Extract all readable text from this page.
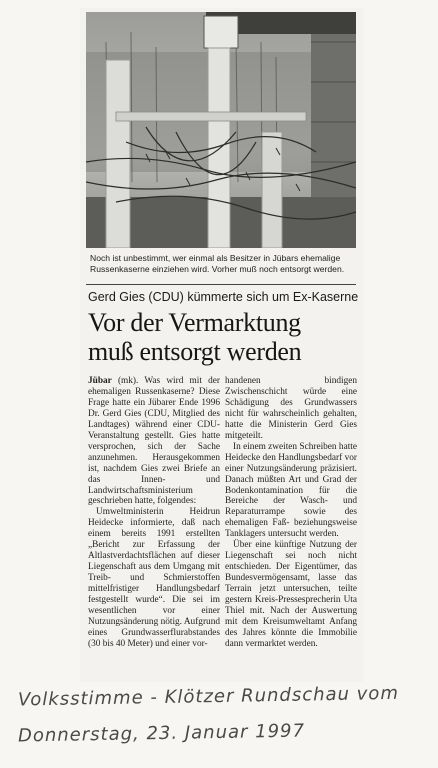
Noch ist unbestimmt, wer einmal als Besitzer in Jübars ehemalige Russenkaserne einziehen wird. Vorher muß noch entsorgt werden.
Gerd Gies (CDU) kümmerte sich um Ex-Kaserne
Vor der Vermarktung
muß entsorgt werden

Jübar (mk). Was wird mit der ehemaligen Russenkaserne? Diese Frage hatte ein Jübarer Ende 1996 Dr. Gerd Gies (CDU, Mitglied des Landtages) während einer CDU-Veranstaltung gestellt. Gies hatte versprochen, sich der Sache anzunehmen. Herausgekommen ist, nachdem Gies zwei Briefe an das Innen- und Landwirtschaftsministerium geschrieben hatte, folgendes:

Umweltministerin Heidrun Heidecke informierte, daß nach einem bereits 1991 erstellten „Bericht zur Erfassung der Altlastverdachtsflächen auf dieser Liegenschaft aus dem Umgang mit Treib- und Schmierstoffen mittelfristiger Handlungsbedarf festgestellt wurde“. Die sei im wesentlichen vor einer Nutzungsänderung nötig. Aufgrund eines Grundwasserflurabstandes (30 bis 40 Meter) und einer vor-

handenen bindigen Zwischenschicht würde eine Schädigung des Grundwassers nicht für wahrscheinlich gehalten, hatte die Ministerin Gerd Gies mitgeteilt.

In einem zweiten Schreiben hatte Heidecke den Handlungsbedarf vor einer Nutzungsänderung präzisiert. Danach müßten Art und Grad der Bodenkontamination für die Bereiche der Wasch- und Reparaturrampe sowie des ehemaligen Faß- beziehungsweise Tanklagers untersucht werden.

Über eine künftige Nutzung der Liegenschaft sei noch nicht entschieden. Der Eigentümer, das Bundesvermögensamt, lasse das Terrain jetzt untersuchen, teilte gestern Kreis-Pressesprecherin Uta Thiel mit. Nach der Auswertung mit dem Kreisumweltamt Anfang des Jahres könnte die Immobilie dann vermarktet werden.

Volksstimme - Klötzer Rundschau vom
Donnerstag, 23. Januar 1997
